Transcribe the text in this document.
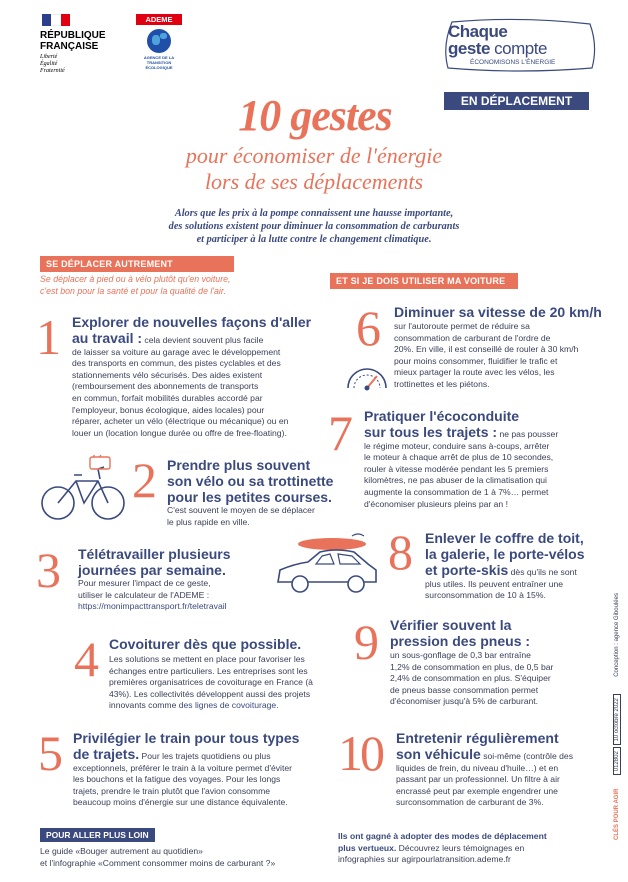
RÉPUBLIQUE
FRANÇAISE
Liberté
Égalité
Fraternité
ADEME
AGENCE DE LA
TRANSITION
ÉCOLOGIQUE
Chaque
geste compte
ÉCONOMISONS L'ÉNERGIE
EN DÉPLACEMENT
10 gestes
pour économiser de l'énergie
lors de ses déplacements
Alors que les prix à la pompe connaissent une hausse importante,
des solutions existent pour diminuer la consommation de carburants
et participer à la lutte contre le changement climatique.
SE DÉPLACER AUTREMENT
Se déplacer à pied ou à vélo plutôt qu'en voiture,
c'est bon pour la santé et pour la qualité de l'air.
ET SI JE DOIS UTILISER MA VOITURE
1 Explorer de nouvelles façons d'aller
au travail : cela devient souvent plus facile
de laisser sa voiture au garage avec le développement
des transports en commun, des pistes cyclables et des
stationnements vélo sécurisés. Des aides existent
(remboursement des abonnements de transports
en commun, forfait mobilités durables accordé par
l'employeur, bonus écologique, aides locales) pour
réparer, acheter un vélo (électrique ou mécanique) ou en
louer un (location longue durée ou offre de free-floating).
2 Prendre plus souvent
son vélo ou sa trottinette
pour les petites courses.
C'est souvent le moyen de se déplacer
le plus rapide en ville.
3 Télétravailler plusieurs
journées par semaine.
Pour mesurer l'impact de ce geste,
utiliser le calculateur de l'ADEME :
https://monimpacttransport.fr/teletravail
4 Covoiturer dès que possible.
Les solutions se mettent en place pour favoriser les
échanges entre particuliers. Les entreprises sont les
premières organisatrices de covoiturage en France (à
43%). Les collectivités développent aussi des projets
innovants comme des lignes de covoiturage.
5 Privilégier le train pour tous types
de trajets. Pour les trajets quotidiens ou plus
exceptionnels, préférer le train à la voiture permet d'éviter
les bouchons et la fatigue des voyages. Pour les longs
trajets, prendre le train plutôt que l'avion consomme
beaucoup moins d'énergie sur une distance équivalente.
6 Diminuer sa vitesse de 20 km/h
sur l'autoroute permet de réduire sa
consommation de carburant de l'ordre de
20%. En ville, il est conseillé de rouler à 30 km/h
pour moins consommer, fluidifier le trafic et
mieux partager la route avec les vélos, les
trottinettes et les piétons.
7 Pratiquer l'écoconduite
sur tous les trajets : ne pas pousser
le régime moteur, conduire sans à-coups, arrêter
le moteur à chaque arrêt de plus de 10 secondes,
rouler à vitesse modérée pendant les 5 premiers
kilomètres, ne pas abuser de la climatisation qui
augmente la consommation de 1 à 7%… permet
d'économiser plusieurs pleins par an !
8 Enlever le coffre de toit,
la galerie, le porte-vélos
et porte-skis dès qu'ils ne sont
plus utiles. Ils peuvent entraîner une
surconsommation de 10 à 15%.
9 Vérifier souvent la
pression des pneus :
un sous-gonflage de 0,3 bar entraîne
1,2% de consommation en plus, de 0,5 bar
2,4% de consommation en plus. S'équiper
de pneus basse consommation permet
d'économiser jusqu'à 5% de carburant.
10 Entretenir régulièrement
son véhicule soi-même (contrôle des
liquides de frein, du niveau d'huile…) et en
passant par un professionnel. Un filtre à air
encrassé peut par exemple engendrer une
surconsommation de carburant de 3%.
POUR ALLER PLUS LOIN
Le guide «Bouger autrement au quotidien»
et l'infographie «Comment consommer moins de carburant ?»
Ils ont gagné à adopter des modes de déplacement
plus vertueux. Découvrez leurs témoignages en
infographies sur agirpourlatransition.ademe.fr
CLÉS POUR AGIR  012802 10 octobre 2022  Conception : agence Giboulées
